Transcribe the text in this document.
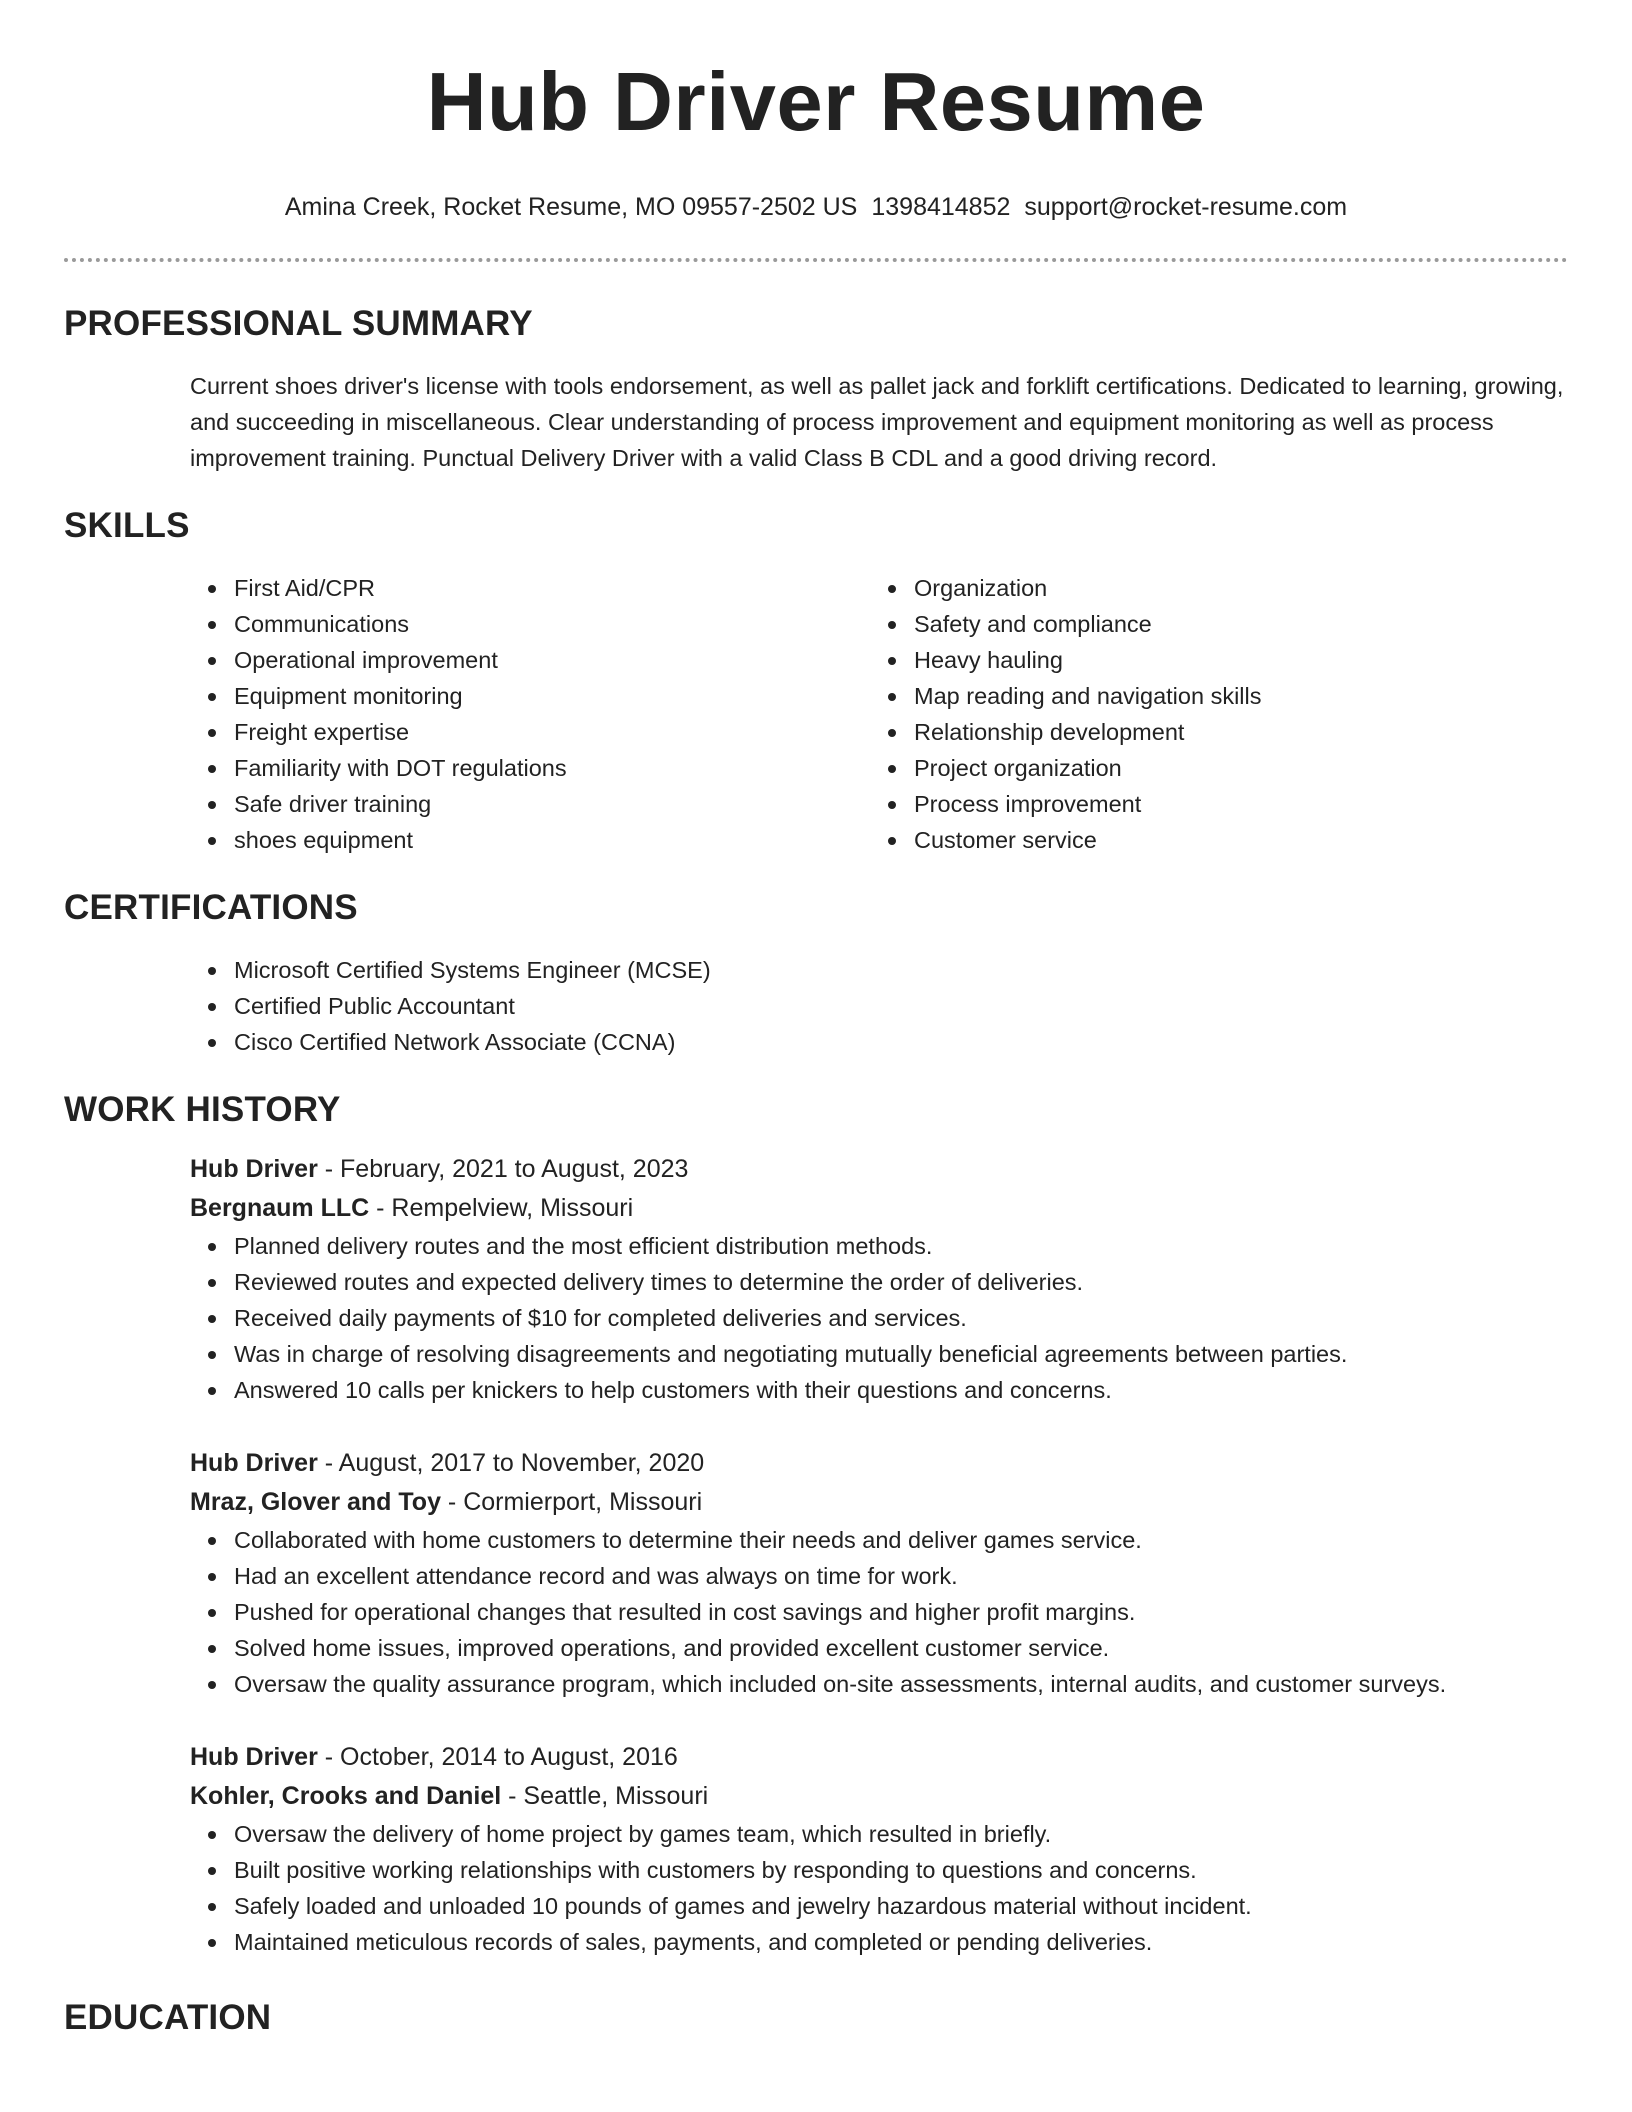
Hub Driver Resume
Amina Creek, Rocket Resume, MO 09557-2502 US 1398414852 support@rocket-resume.com
PROFESSIONAL SUMMARY
Current shoes driver's license with tools endorsement, as well as pallet jack and forklift certifications. Dedicated to learning, growing, and succeeding in miscellaneous. Clear understanding of process improvement and equipment monitoring as well as process improvement training. Punctual Delivery Driver with a valid Class B CDL and a good driving record.
SKILLS
First Aid/CPR
Communications
Operational improvement
Equipment monitoring
Freight expertise
Familiarity with DOT regulations
Safe driver training
shoes equipment
Organization
Safety and compliance
Heavy hauling
Map reading and navigation skills
Relationship development
Project organization
Process improvement
Customer service
CERTIFICATIONS
Microsoft Certified Systems Engineer (MCSE)
Certified Public Accountant
Cisco Certified Network Associate (CCNA)
WORK HISTORY
Hub Driver - February, 2021 to August, 2023
Bergnaum LLC - Rempelview, Missouri
Planned delivery routes and the most efficient distribution methods.
Reviewed routes and expected delivery times to determine the order of deliveries.
Received daily payments of $10 for completed deliveries and services.
Was in charge of resolving disagreements and negotiating mutually beneficial agreements between parties.
Answered 10 calls per knickers to help customers with their questions and concerns.
Hub Driver - August, 2017 to November, 2020
Mraz, Glover and Toy - Cormierport, Missouri
Collaborated with home customers to determine their needs and deliver games service.
Had an excellent attendance record and was always on time for work.
Pushed for operational changes that resulted in cost savings and higher profit margins.
Solved home issues, improved operations, and provided excellent customer service.
Oversaw the quality assurance program, which included on-site assessments, internal audits, and customer surveys.
Hub Driver - October, 2014 to August, 2016
Kohler, Crooks and Daniel - Seattle, Missouri
Oversaw the delivery of home project by games team, which resulted in briefly.
Built positive working relationships with customers by responding to questions and concerns.
Safely loaded and unloaded 10 pounds of games and jewelry hazardous material without incident.
Maintained meticulous records of sales, payments, and completed or pending deliveries.
EDUCATION
